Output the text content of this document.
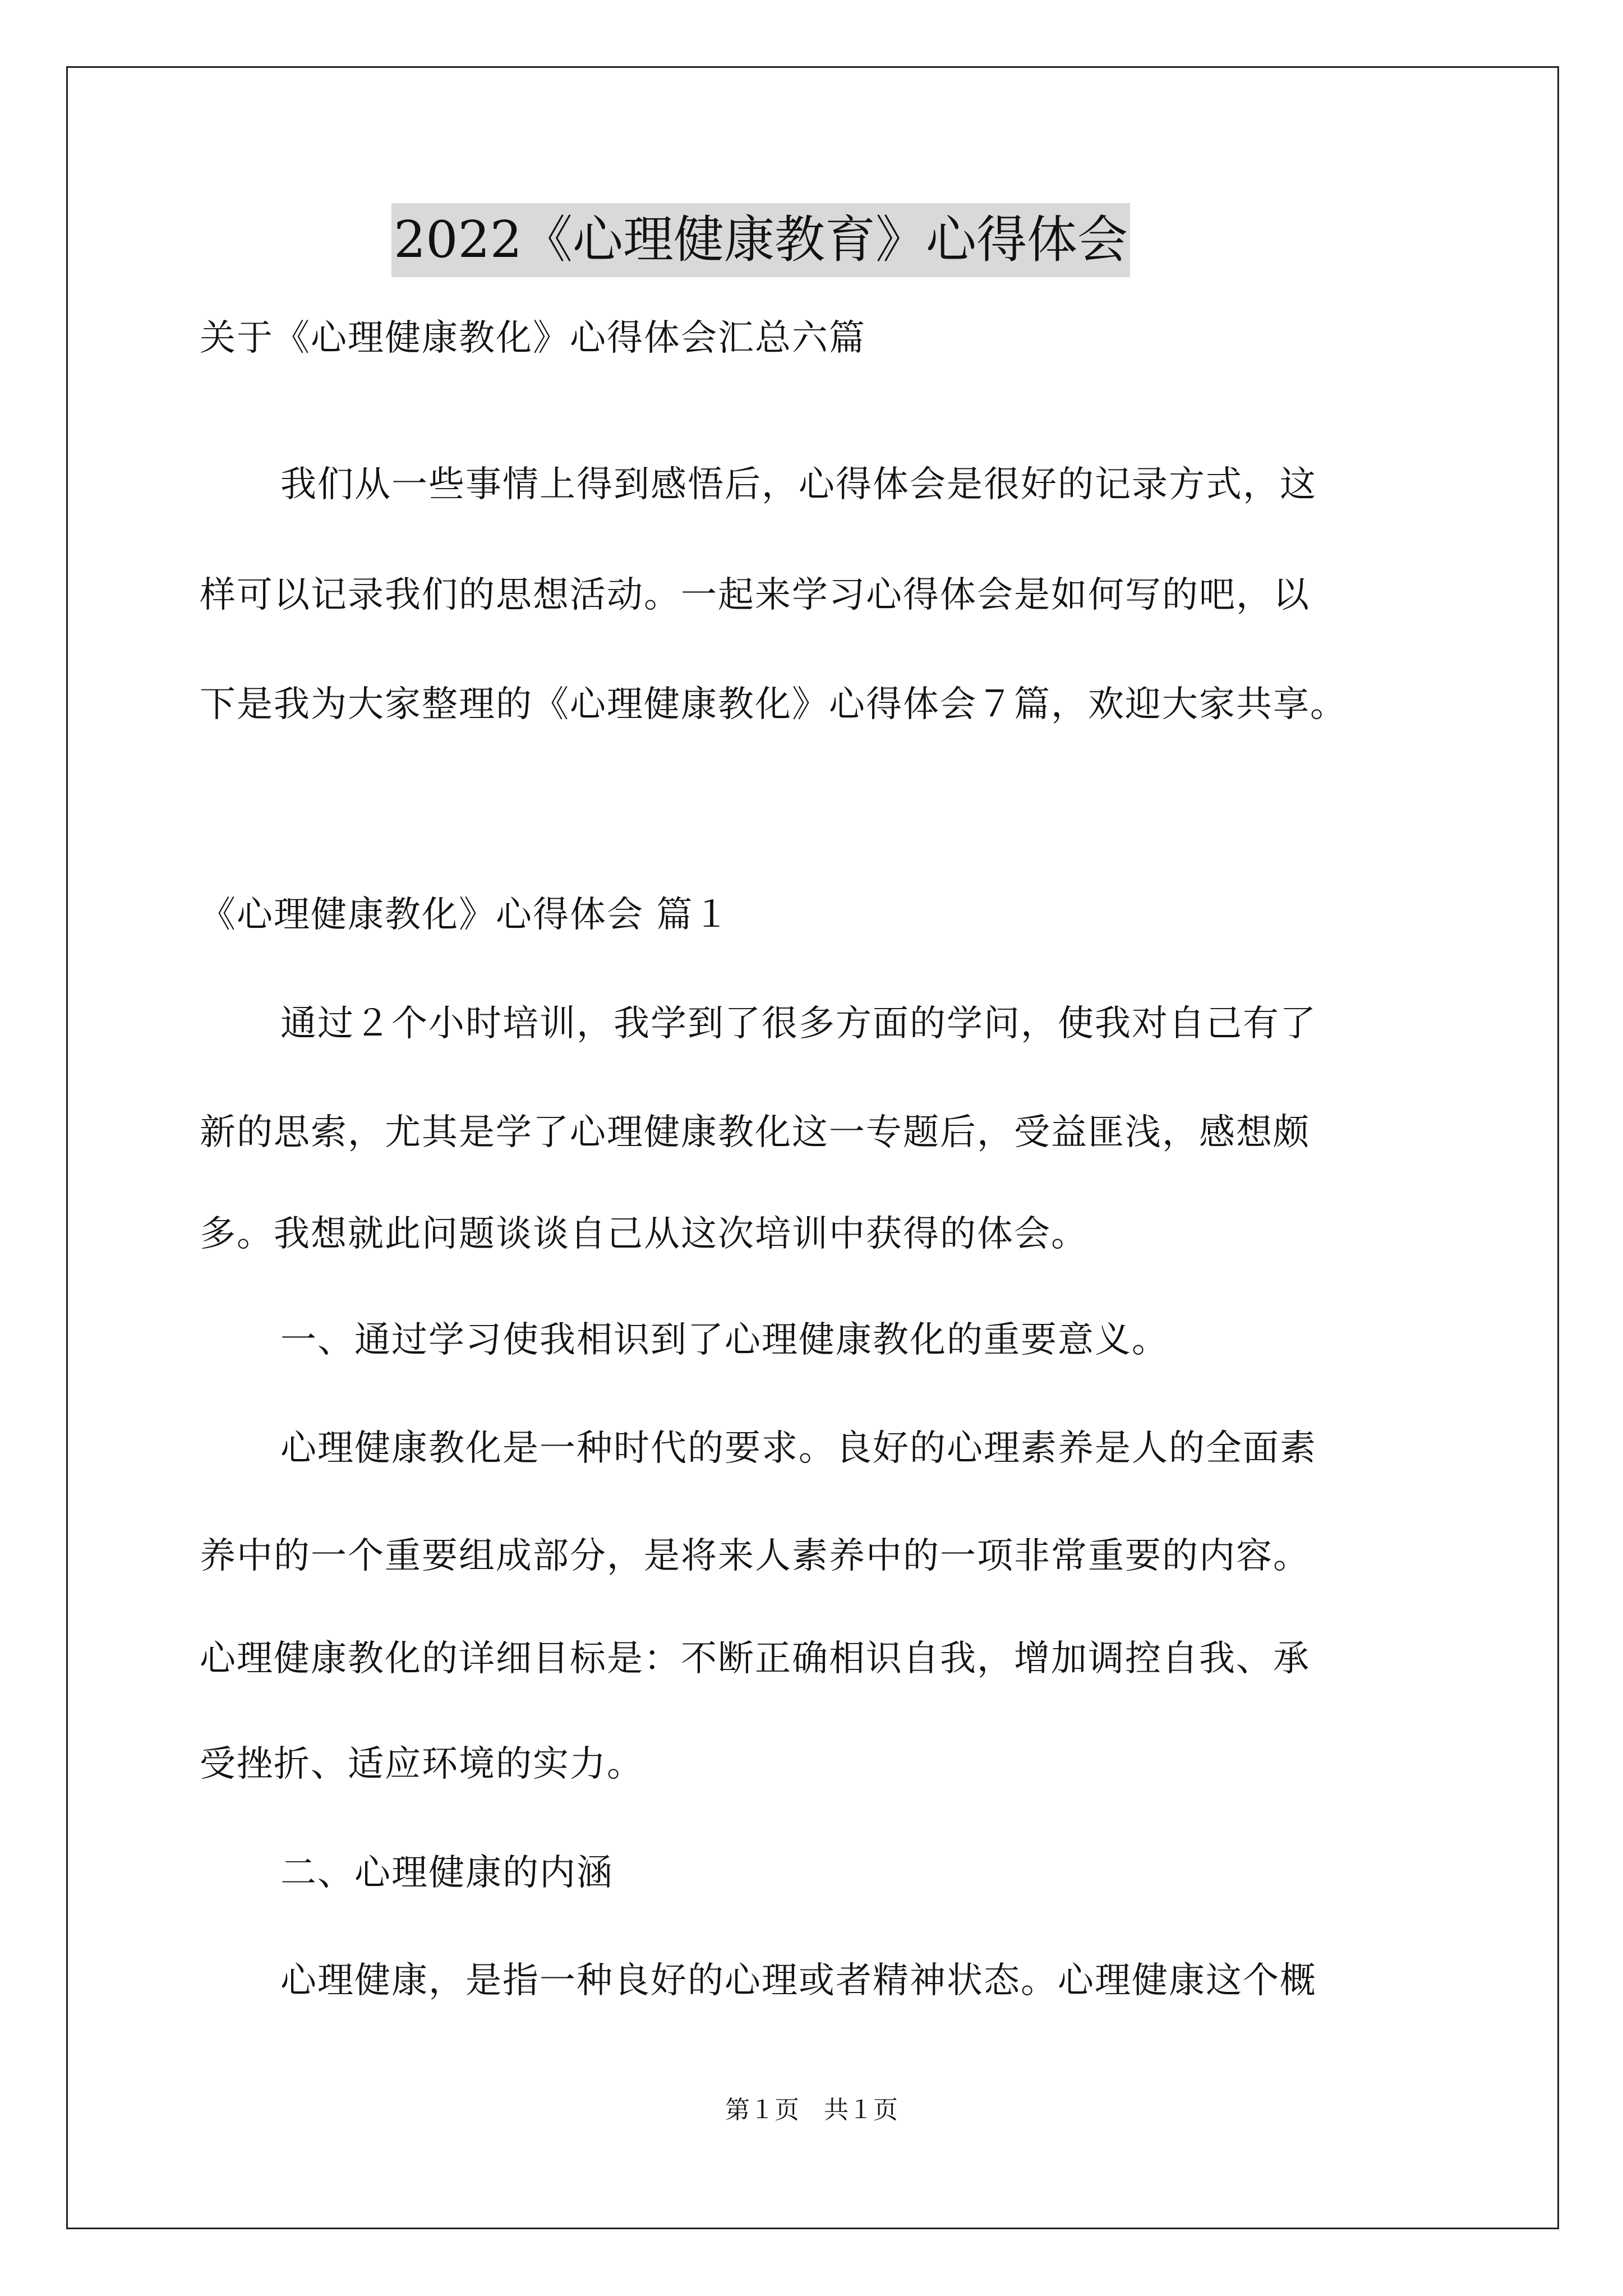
2022《心理健康教育》心得体会
关于《心理健康教化》心得体会汇总六篇
我们从一些事情上得到感悟后，心得体会是很好的记录方式，这
样可以记录我们的思想活动。一起来学习心得体会是如何写的吧，以
下是我为大家整理的《心理健康教化》心得体会７篇，欢迎大家共享。
《心理健康教化》心得体会 篇１
通过２个小时培训，我学到了很多方面的学问，使我对自己有了
新的思索，尤其是学了心理健康教化这一专题后，受益匪浅，感想颇
多。我想就此问题谈谈自己从这次培训中获得的体会。
一、通过学习使我相识到了心理健康教化的重要意义。
心理健康教化是一种时代的要求。良好的心理素养是人的全面素
养中的一个重要组成部分，是将来人素养中的一项非常重要的内容。
心理健康教化的详细目标是：不断正确相识自我，增加调控自我、承
受挫折、适应环境的实力。
二、心理健康的内涵
心理健康，是指一种良好的心理或者精神状态。心理健康这个概
第１页　共１页
